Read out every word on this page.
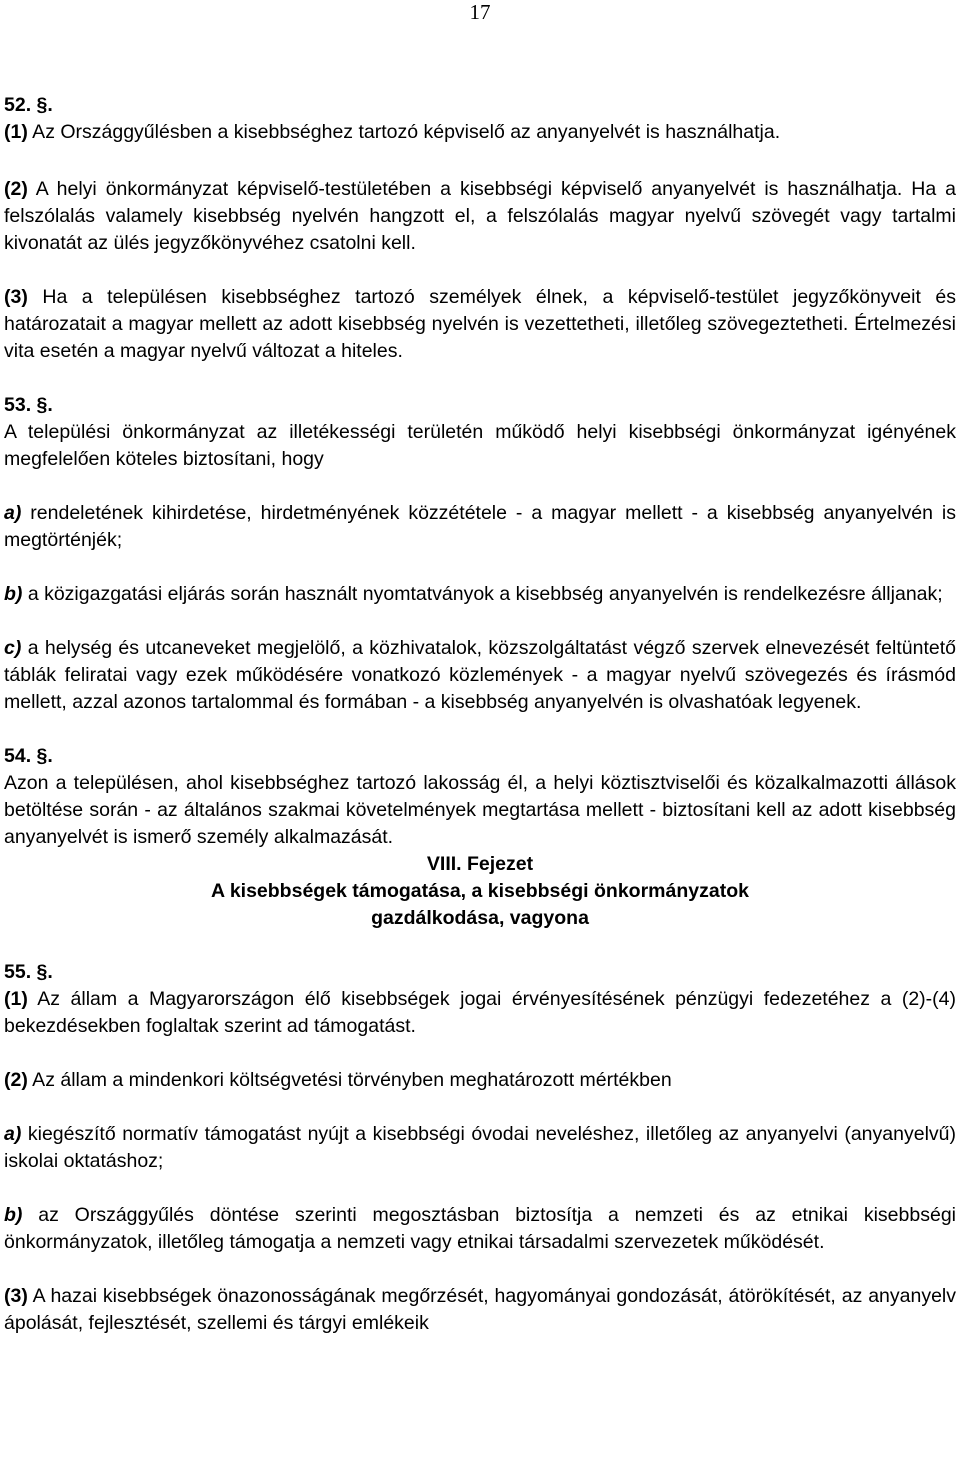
17

52. §.

(1) Az Országgyűlésben a kisebbséghez tartozó képviselő az anyanyelvét is használhatja.

(2) A helyi önkormányzat képviselő-testületében a kisebbségi képviselő anyanyelvét is használhatja. Ha a felszólalás valamely kisebbség nyelvén hangzott el, a felszólalás magyar nyelvű szövegét vagy tartalmi kivonatát az ülés jegyzőkönyvéhez csatolni kell.

(3) Ha a településen kisebbséghez tartozó személyek élnek, a képviselő-testület jegyzőkönyveit és határozatait a magyar mellett az adott kisebbség nyelvén is vezettetheti, illetőleg szövegeztetheti. Értelmezési vita esetén a magyar nyelvű változat a hiteles.

53. §.

A települési önkormányzat az illetékességi területén működő helyi kisebbségi önkormányzat igényének megfelelően köteles biztosítani, hogy

a) rendeletének kihirdetése, hirdetményének közzététele - a magyar mellett - a kisebbség anyanyelvén is megtörténjék;

b) a közigazgatási eljárás során használt nyomtatványok a kisebbség anyanyelvén is rendelkezésre álljanak;

c) a helység és utcaneveket megjelölő, a közhivatalok, közszolgáltatást végző szervek elnevezését feltüntető táblák feliratai vagy ezek működésére vonatkozó közlemények - a magyar nyelvű szövegezés és írásmód mellett, azzal azonos tartalommal és formában - a kisebbség anyanyelvén is olvashatóak legyenek.

54. §.

Azon a településen, ahol kisebbséghez tartozó lakosság él, a helyi köztisztviselői és közalkalmazotti állások betöltése során - az általános szakmai követelmények megtartása mellett - biztosítani kell az adott kisebbség anyanyelvét is ismerő személy alkalmazását.

VIII. Fejezet

A kisebbségek támogatása, a kisebbségi önkormányzatok

gazdálkodása, vagyona

55. §.

(1) Az állam a Magyarországon élő kisebbségek jogai érvényesítésének pénzügyi fedezetéhez a (2)-(4) bekezdésekben foglaltak szerint ad támogatást.

(2) Az állam a mindenkori költségvetési törvényben meghatározott mértékben

a) kiegészítő normatív támogatást nyújt a kisebbségi óvodai neveléshez, illetőleg az anyanyelvi (anyanyelvű) iskolai oktatáshoz;

b) az Országgyűlés döntése szerinti megosztásban biztosítja a nemzeti és az etnikai kisebbségi önkormányzatok, illetőleg támogatja a nemzeti vagy etnikai társadalmi szervezetek működését.

(3) A hazai kisebbségek önazonosságának megőrzését, hagyományai gondozását, átörökítését, az anyanyelv ápolását, fejlesztését, szellemi és tárgyi emlékeik
